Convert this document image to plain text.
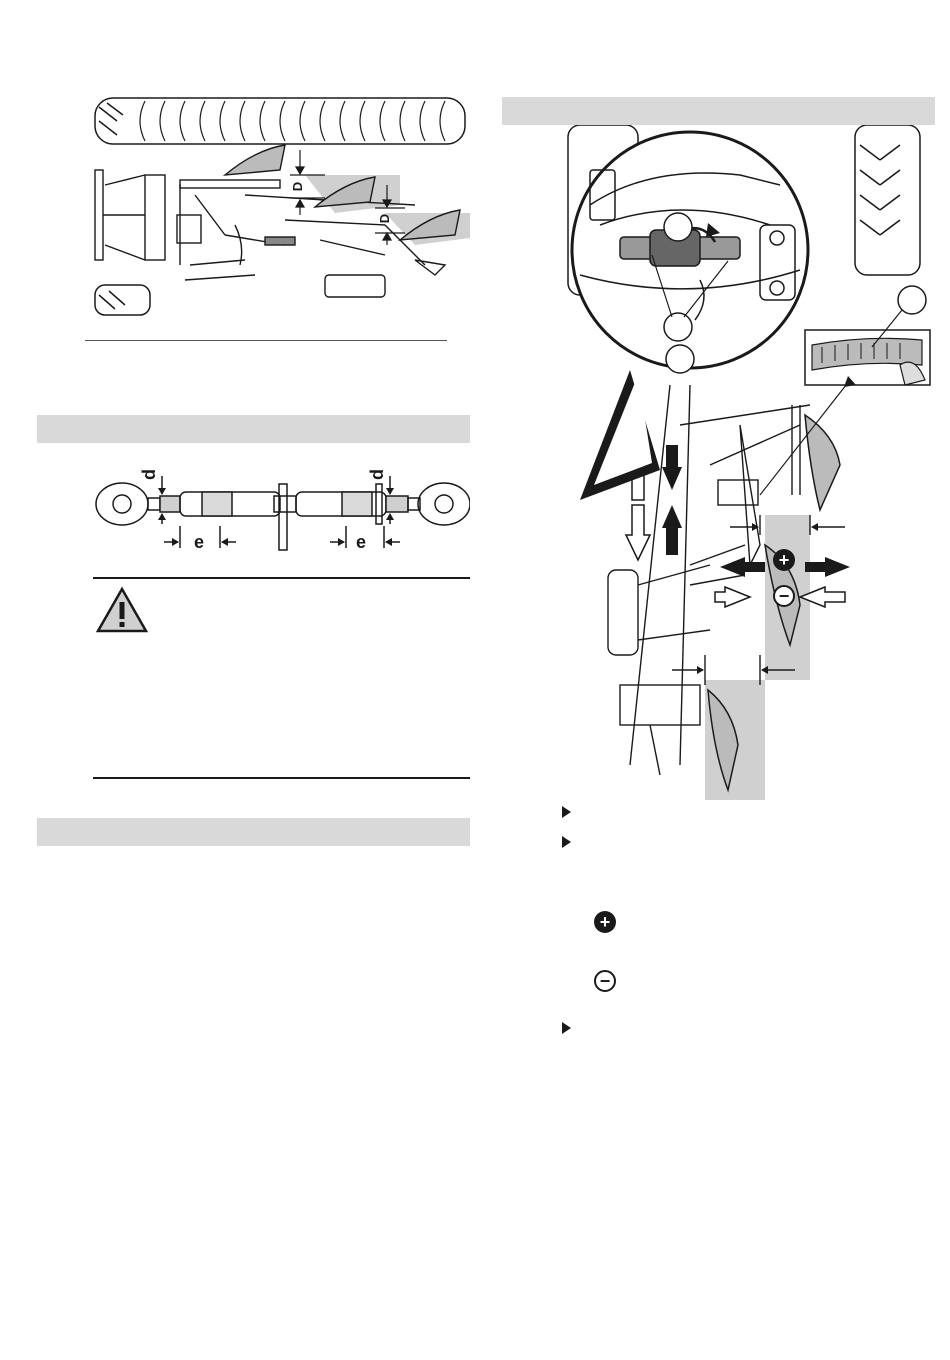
D
D
d	d
e	e
+
−
+
−
